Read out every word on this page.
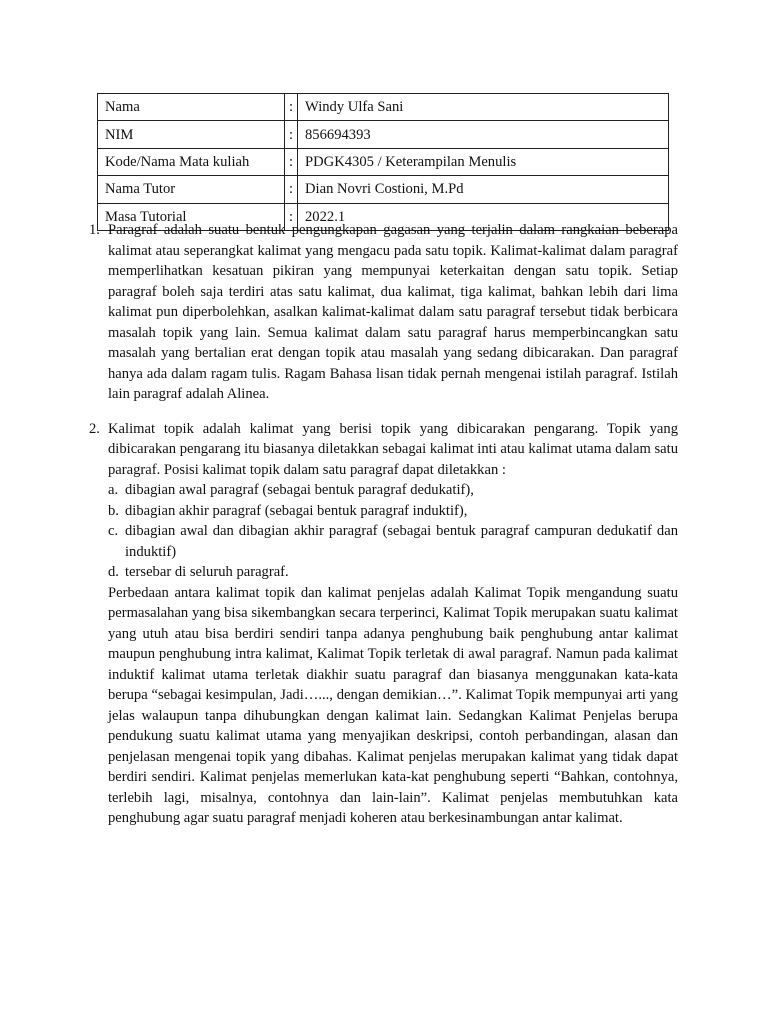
Nama	:	Windy Ulfa Sani
NIM	:	856694393
Kode/Nama Mata kuliah	:	PDGK4305 / Keterampilan Menulis
Nama Tutor	:	Dian Novri Costioni, M.Pd
Masa Tutorial	:	2022.1
1. Paragraf adalah suatu bentuk pengungkapan gagasan yang terjalin dalam rangkaian beberapa kalimat atau seperangkat kalimat yang mengacu pada satu topik. Kalimat-kalimat dalam paragraf memperlihatkan kesatuan pikiran yang mempunyai keterkaitan dengan satu topik. Setiap paragraf boleh saja terdiri atas satu kalimat, dua kalimat, tiga kalimat, bahkan lebih dari lima kalimat pun diperbolehkan, asalkan kalimat-kalimat dalam satu paragraf tersebut tidak berbicara masalah topik yang lain. Semua kalimat dalam satu paragraf harus memperbincangkan satu masalah yang bertalian erat dengan topik atau masalah yang sedang dibicarakan. Dan paragraf hanya ada dalam ragam tulis. Ragam Bahasa lisan tidak pernah mengenai istilah paragraf. Istilah lain paragraf adalah Alinea.

2. Kalimat topik adalah kalimat yang berisi topik yang dibicarakan pengarang. Topik yang dibicarakan pengarang itu biasanya diletakkan sebagai kalimat inti atau kalimat utama dalam satu paragraf. Posisi kalimat topik dalam satu paragraf dapat diletakkan :

a. dibagian awal paragraf (sebagai bentuk paragraf dedukatif),
b. dibagian akhir paragraf (sebagai bentuk paragraf induktif),
c. dibagian awal dan dibagian akhir paragraf (sebagai bentuk paragraf campuran dedukatif dan induktif)
d. tersebar di seluruh paragraf.

Perbedaan antara kalimat topik dan kalimat penjelas adalah Kalimat Topik mengandung suatu permasalahan yang bisa sikembangkan secara terperinci, Kalimat Topik merupakan suatu kalimat yang utuh atau bisa berdiri sendiri tanpa adanya penghubung baik penghubung antar kalimat maupun penghubung intra kalimat, Kalimat Topik terletak di awal paragraf. Namun pada kalimat induktif kalimat utama terletak diakhir suatu paragraf dan biasanya menggunakan kata-kata berupa “sebagai kesimpulan, Jadi…..., dengan demikian…”. Kalimat Topik mempunyai arti yang jelas walaupun tanpa dihubungkan dengan kalimat lain. Sedangkan Kalimat Penjelas berupa pendukung suatu kalimat utama yang menyajikan deskripsi, contoh perbandingan, alasan dan penjelasan mengenai topik yang dibahas. Kalimat penjelas merupakan kalimat yang tidak dapat berdiri sendiri. Kalimat penjelas memerlukan kata-kat penghubung seperti “Bahkan, contohnya, terlebih lagi, misalnya, contohnya dan lain-lain”. Kalimat penjelas membutuhkan kata penghubung agar suatu paragraf menjadi koheren atau berkesinambungan antar kalimat.
